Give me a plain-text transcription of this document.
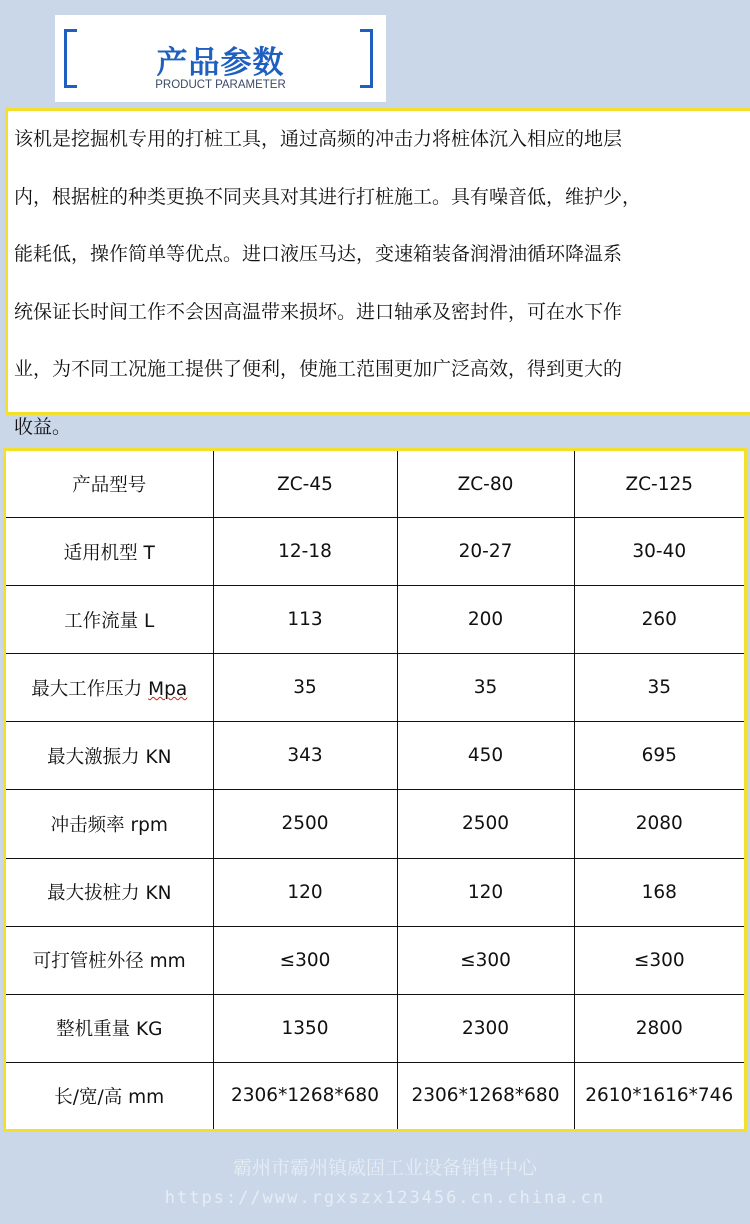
产品参数
PRODUCT PARAMETER
该机是挖掘机专用的打桩工具，通过高频的冲击力将桩体沉入相应的地层
内，根据桩的种类更换不同夹具对其进行打桩施工。具有噪音低，维护少，
能耗低，操作简单等优点。进口液压马达，变速箱装备润滑油循环降温系
统保证长时间工作不会因高温带来损坏。进口轴承及密封件，可在水下作
业，为不同工况施工提供了便利，使施工范围更加广泛高效，得到更大的
收益。
产品型号	ZC-45	ZC-80	ZC-125
适用机型 T	12-18	20-27	30-40
工作流量 L	113	200	260
最大工作压力 Mpa	35	35	35
最大激振力 KN	343	450	695
冲击频率 rpm	2500	2500	2080
最大拔桩力 KN	120	120	168
可打管桩外径 mm	≤300	≤300	≤300
整机重量 KG	1350	2300	2800
长/宽/高 mm	2306*1268*680	2306*1268*680	2610*1616*746
霸州市霸州镇威固工业设备销售中心
https://www.rgxszx123456.cn.china.cn
